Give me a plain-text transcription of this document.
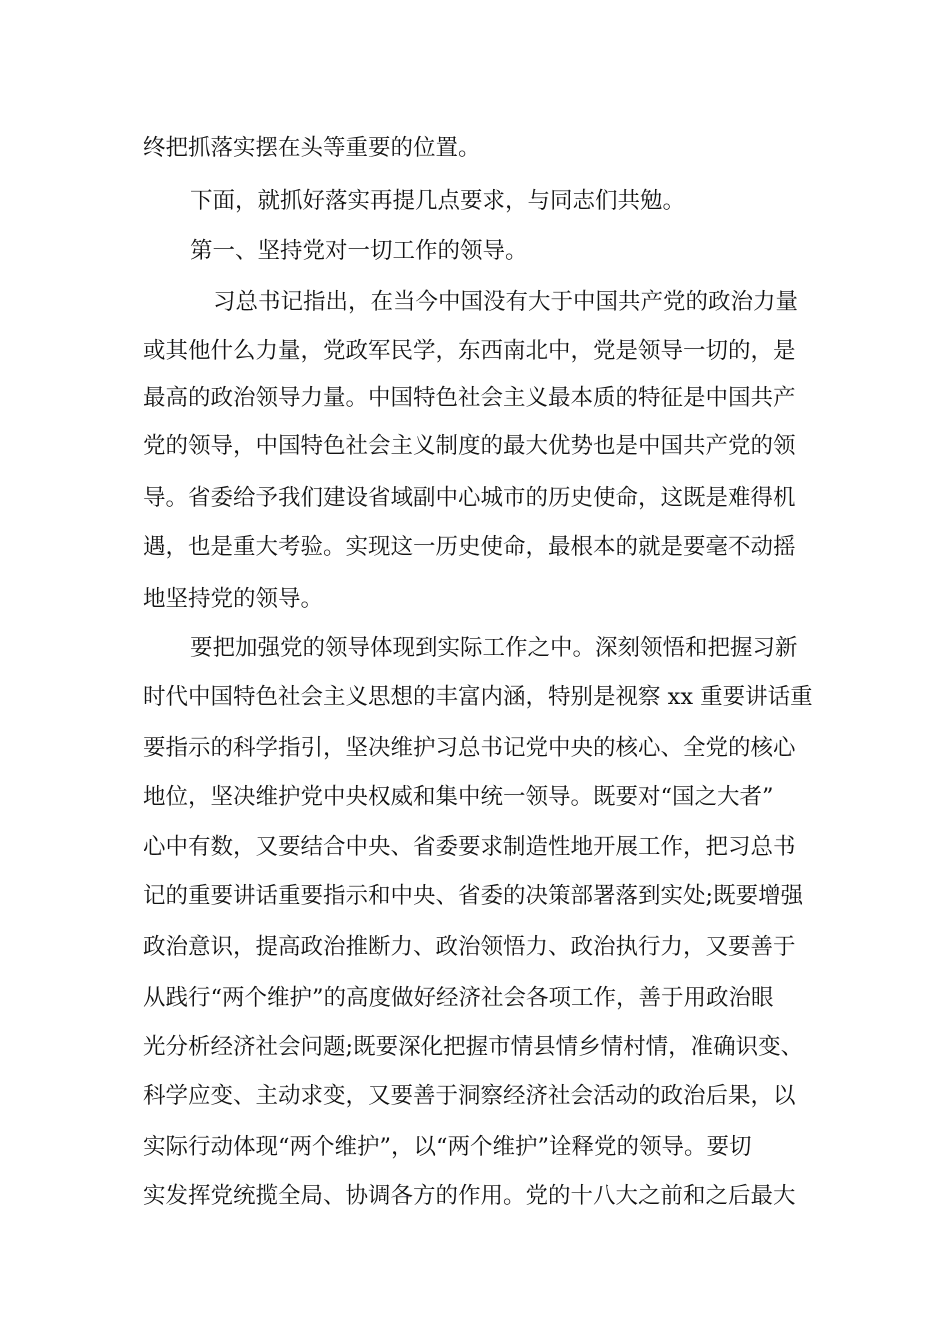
终把抓落实摆在头等重要的位置。
下面，就抓好落实再提几点要求，与同志们共勉。
第一、坚持党对一切工作的领导。
习总书记指出，在当今中国没有大于中国共产党的政治力量
或其他什么力量，党政军民学，东西南北中，党是领导一切的，是
最高的政治领导力量。中国特色社会主义最本质的特征是中国共产
党的领导，中国特色社会主义制度的最大优势也是中国共产党的领
导。省委给予我们建设省域副中心城市的历史使命，这既是难得机
遇，也是重大考验。实现这一历史使命，最根本的就是要毫不动摇
地坚持党的领导。
要把加强党的领导体现到实际工作之中。深刻领悟和把握习新
时代中国特色社会主义思想的丰富内涵，特别是视察 xx 重要讲话重
要指示的科学指引，坚决维护习总书记党中央的核心、全党的核心
地位，坚决维护党中央权威和集中统一领导。既要对“国之大者”
心中有数，又要结合中央、省委要求制造性地开展工作，把习总书
记的重要讲话重要指示和中央、省委的决策部署落到实处;既要增强
政治意识，提高政治推断力、政治领悟力、政治执行力，又要善于
从践行“两个维护”的高度做好经济社会各项工作，善于用政治眼
光分析经济社会问题;既要深化把握市情县情乡情村情，准确识变、
科学应变、主动求变，又要善于洞察经济社会活动的政治后果，以
实际行动体现“两个维护”，以“两个维护”诠释党的领导。要切
实发挥党统揽全局、协调各方的作用。党的十八大之前和之后最大
